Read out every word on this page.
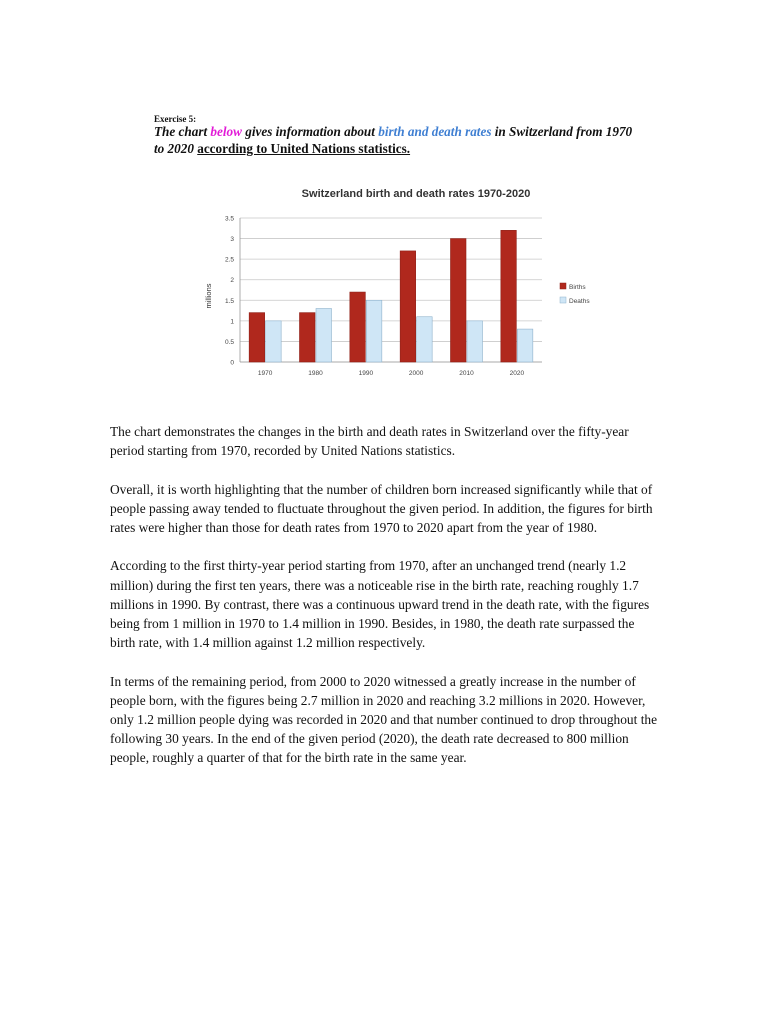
Exercise 5:

The chart below gives information about birth and death rates in Switzerland from 1970 to 2020 according to United Nations statistics.

Switzerland birth and death rates 1970-2020
millions
0
0.5
1
1.5
2
2.5
3
3.5
1970	1980	1990	2000	2010	2020
Births
Deaths

The chart demonstrates the changes in the birth and death rates in Switzerland over the fifty-year period starting from 1970, recorded by United Nations statistics.

Overall, it is worth highlighting that the number of children born increased significantly while that of people passing away tended to fluctuate throughout the given period. In addition, the figures for birth rates were higher than those for death rates from 1970 to 2020 apart from the year of 1980.

According to the first thirty-year period starting from 1970, after an unchanged trend (nearly 1.2 million) during the first ten years, there was a noticeable rise in the birth rate, reaching roughly 1.7 millions in 1990. By contrast, there was a continuous upward trend in the death rate, with the figures being from 1 million in 1970 to 1.4 million in 1990. Besides, in 1980, the death rate surpassed the birth rate, with 1.4 million against 1.2 million respectively.

In terms of the remaining period, from 2000 to 2020 witnessed a greatly increase in the number of people born, with the figures being 2.7 million in 2020 and reaching 3.2 millions in 2020. However, only 1.2 million people dying was recorded in 2020 and that number continued to drop throughout the following 30 years. In the end of the given period (2020), the death rate decreased to 800 million people, roughly a quarter of that for the birth rate in the same year.
